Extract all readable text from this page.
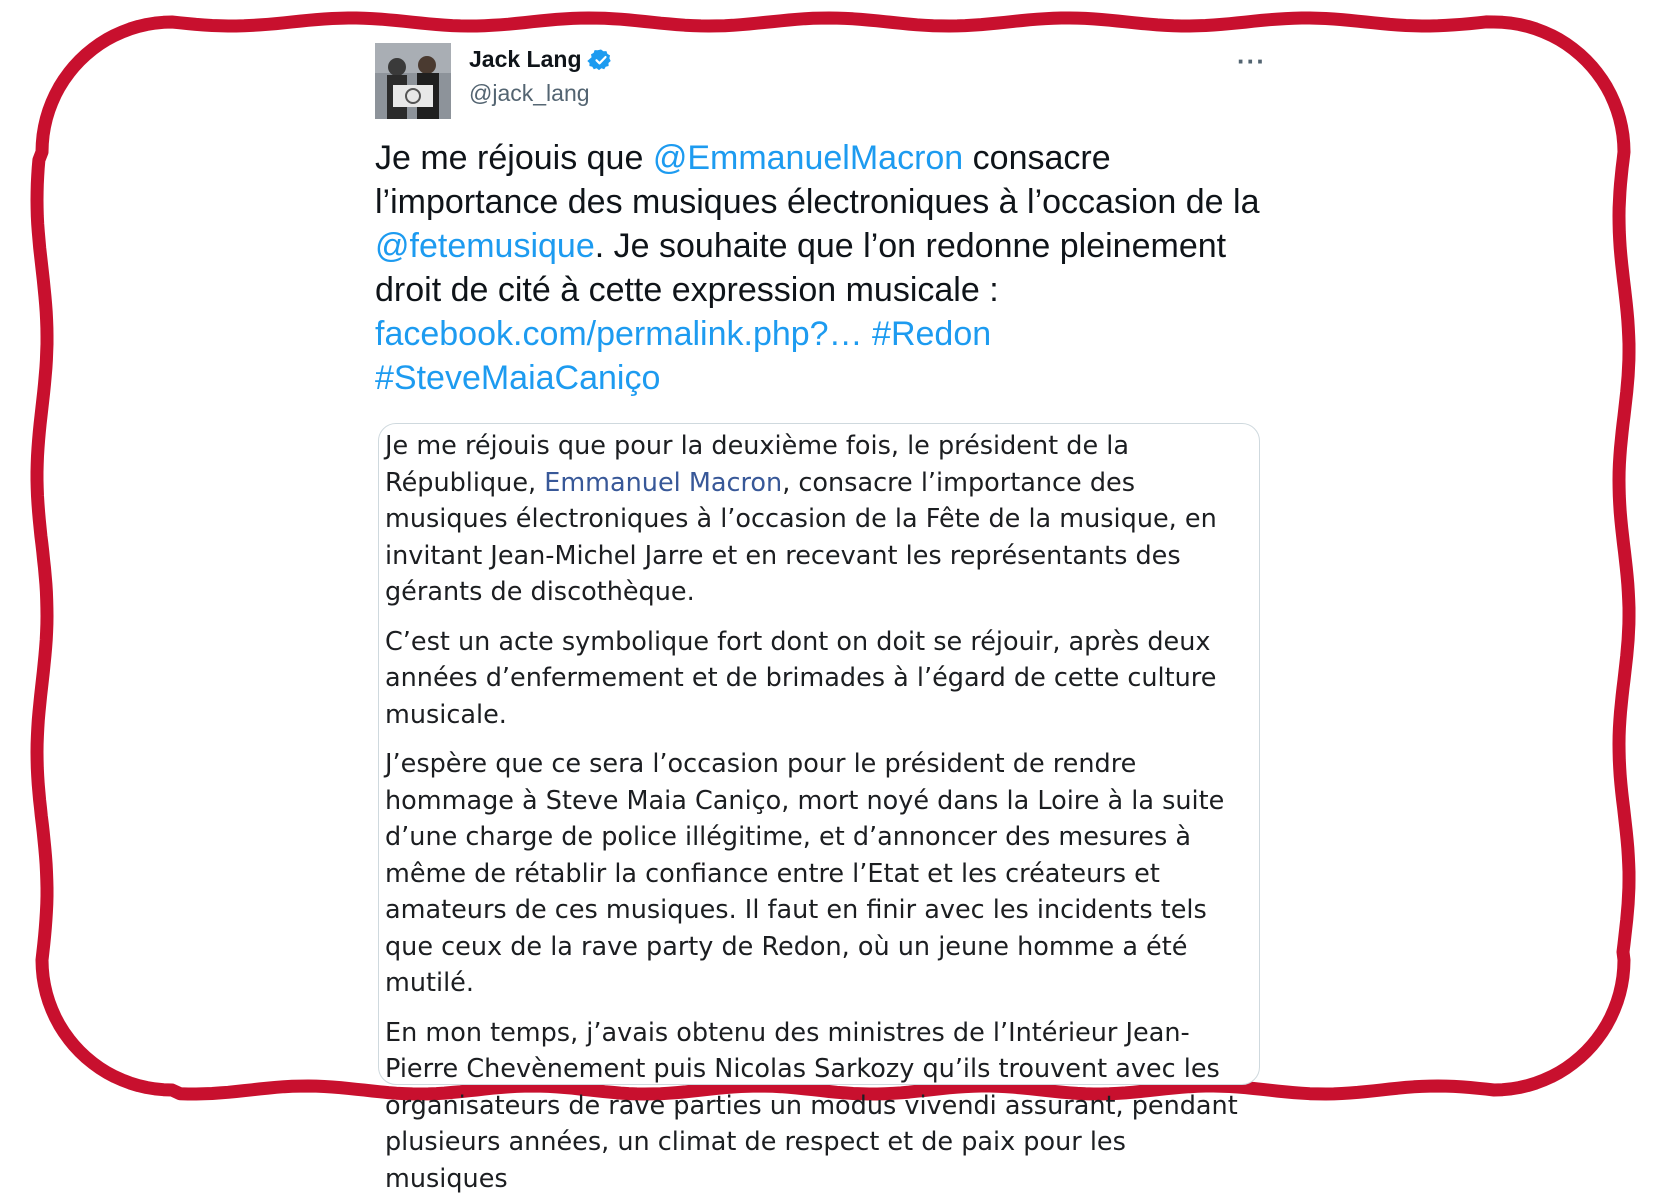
Jack Lang
@jack_lang
···
Je me réjouis que @EmmanuelMacron consacre l’importance des musiques électroniques à l’occasion de la @fetemusique. Je souhaite que l’on redonne pleinement droit de cité à cette expression musicale :
facebook.com/permalink.php?… #Redon
#SteveMaiaCaniço

Je me réjouis que pour la deuxième fois, le président de la République, Emmanuel Macron, consacre l’importance des musiques électroniques à l’occasion de la Fête de la musique, en invitant Jean-Michel Jarre et en recevant les représentants des gérants de discothèque.

C’est un acte symbolique fort dont on doit se réjouir, après deux années d’enfermement et de brimades à l’égard de cette culture musicale.

J’espère que ce sera l’occasion pour le président de rendre hommage à Steve Maia Caniço, mort noyé dans la Loire à la suite d’une charge de police illégitime, et d’annoncer des mesures à même de rétablir la confiance entre l’Etat et les créateurs et amateurs de ces musiques. Il faut en finir avec les incidents tels que ceux de la rave party de Redon, où un jeune homme a été mutilé.

En mon temps, j’avais obtenu des ministres de l’Intérieur Jean-Pierre Chevènement puis Nicolas Sarkozy qu’ils trouvent avec les organisateurs de rave parties un modus vivendi assurant, pendant plusieurs années, un climat de respect et de paix pour les musiques
